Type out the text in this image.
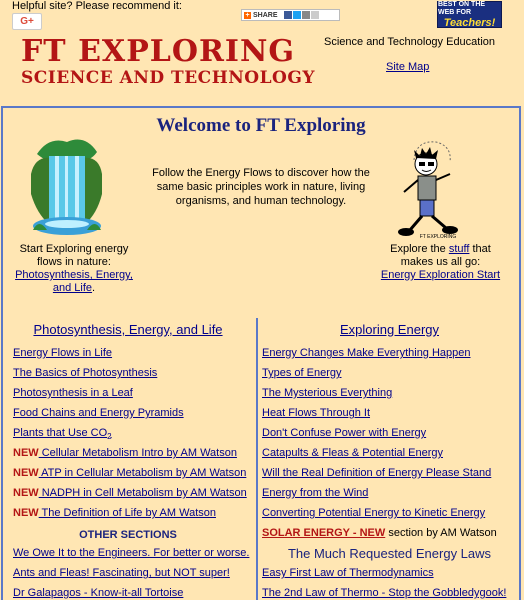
Helpful site? Please recommend it:
G+
+ SHARE
BEST ON THE WEB FOR
Teachers!
FT EXPLORING
SCIENCE AND TECHNOLOGY
Science and Technology Education
Site Map
Welcome to FT Exploring
Follow the Energy Flows to discover how the same basic principles work in nature, living organisms, and human technology.
FT EXPLORING
Start Exploring energy flows in nature:
Photosynthesis, Energy, and Life.
Explore the stuff that makes us all go:
Energy Exploration Start
Photosynthesis, Energy, and Life
Energy Flows in Life
The Basics of Photosynthesis
Photosynthesis in a Leaf
Food Chains and Energy Pyramids
Plants that Use $CO_2$
NEW Cellular Metabolism Intro by AM Watson
NEW ATP in Cellular Metabolism by AM Watson
NEW NADPH in Cell Metabolism by AM Watson
NEW The Definition of Life by AM Watson
OTHER SECTIONS
We Owe It to the Engineers. For better or worse.
Ants and Fleas! Fascinating, but NOT super!
Dr Galapagos - Know-it-all Tortoise
Exploring Energy
Energy Changes Make Everything Happen
Types of Energy
The Mysterious Everything
Heat Flows Through It
Don't Confuse Power with Energy
Catapults & Fleas & Potential Energy
Will the Real Definition of Energy Please Stand
Energy from the Wind
Converting Potential Energy to Kinetic Energy
SOLAR ENERGY - NEW section by AM Watson
The Much Requested Energy Laws
Easy First Law of Thermodynamics
The 2nd Law of Thermo - Stop the Gobbledygook!
